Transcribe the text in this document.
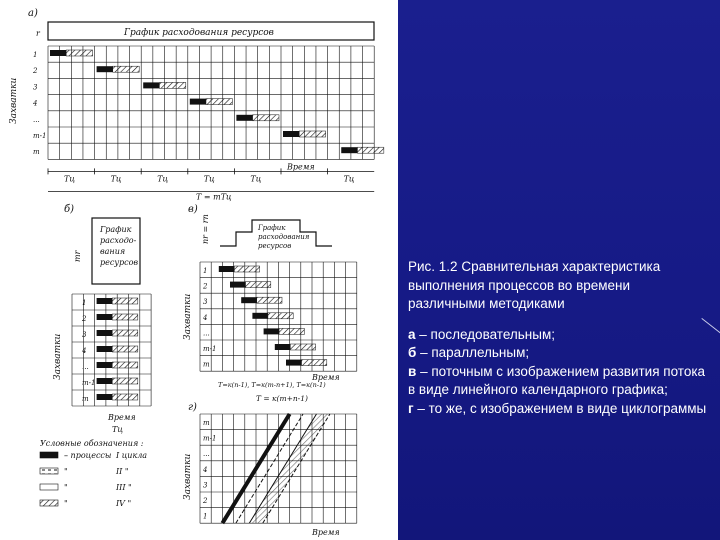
а)
График расходования ресурсов
r
1
2
3
4
...
m-1
m
Захватки
Тц	Тц	Тц	Тц	Тц	Тц
Время
Т = mТц
б)
График
расходо-
вания
ресурсов
mr
1
2
3
4
...
m-1
m
Захватки
Время
Тц
Условные обозначения :
– процессы I цикла
"	II "
"	III "
"	IV "
в)
График
расходования
ресурсов
nr = rn
1
2
3
4
...
m-1
m
Захватки
Время
Т=к(n-1), Т=к(m-n+1), Т=к(n-1)
Т = к(m+n-1)
г)
m
m-1
...
4
3
2
1
Захватки
Время

Рис. 1.2 Сравнительная характеристика выполнения процессов во времени различными методиками

а – последовательным;

б – параллельным;

в – поточным с изображением развития потока в виде линейного календарного графика;

г – то же, с изображением в виде циклограммы
